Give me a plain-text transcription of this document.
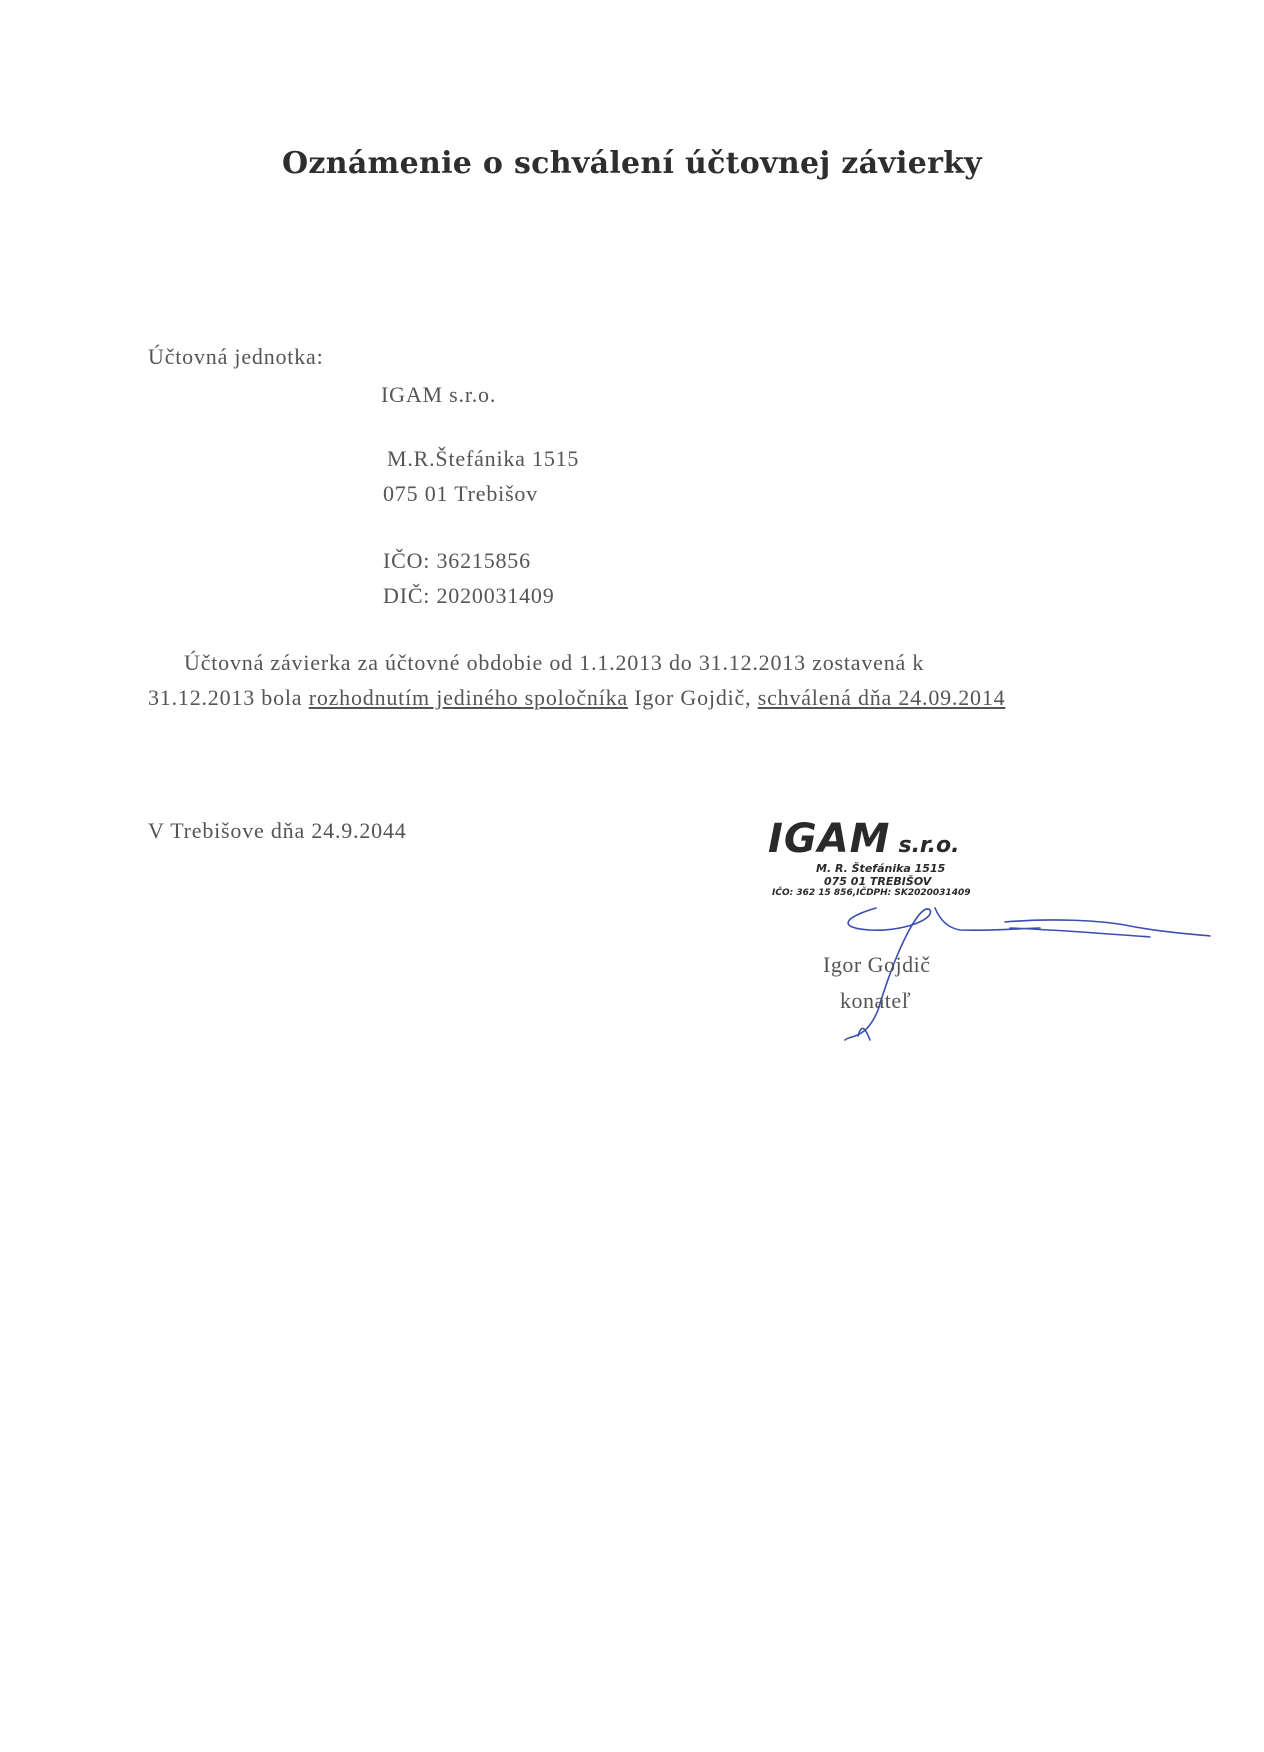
Oznámenie o schválení účtovnej závierky
Účtovná jednotka:
IGAM s.r.o.
M.R.Štefánika 1515
075 01 Trebišov
IČO: 36215856
DIČ: 2020031409
Účtovná závierka za účtovné obdobie od 1.1.2013 do 31.12.2013 zostavená k 31.12.2013 bola rozhodnutím jediného spoločníka Igor Gojdič, schválená dňa 24.09.2014
V Trebišove dňa 24.9.2044	IGAM s.r.o.
M. R. Štefánika 1515
075 01 TREBIŠOV
IČO: 362 15 856,IČDPH: SK2020031409
Igor Gojdič
konateľ
